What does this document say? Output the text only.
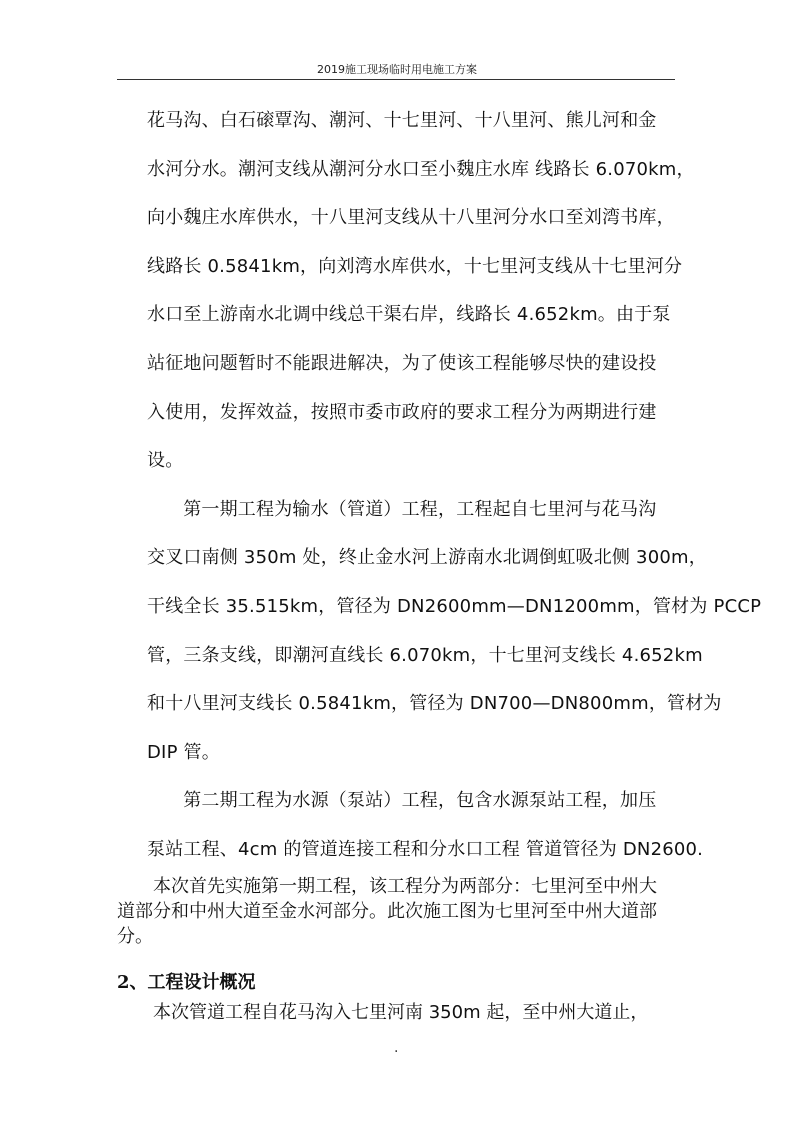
2019施工现场临时用电施工方案
花马沟、白石磙覃沟、潮河、十七里河、十八里河、熊儿河和金
水河分水。潮河支线从潮河分水口至小魏庄水库 线路长 6.070km，
向小魏庄水库供水，十八里河支线从十八里河分水口至刘湾书库，
线路长 0.5841km，向刘湾水库供水，十七里河支线从十七里河分
水口至上游南水北调中线总干渠右岸，线路长 4.652km。由于泵
站征地问题暂时不能跟进解决，为了使该工程能够尽快的建设投
入使用，发挥效益，按照市委市政府的要求工程分为两期进行建
设。
　第一期工程为输水（管道）工程，工程起自七里河与花马沟
交叉口南侧 350m 处，终止金水河上游南水北调倒虹吸北侧 300m，
干线全长 35.515km，管径为 DN2600mm—DN1200mm，管材为 PCCP
管，三条支线，即潮河直线长 6.070km，十七里河支线长 4.652km
和十八里河支线长 0.5841km，管径为 DN700—DN800mm，管材为
DIP 管。
　第二期工程为水源（泵站）工程，包含水源泵站工程，加压
泵站工程、4cm 的管道连接工程和分水口工程 管道管径为 DN2600.
　本次首先实施第一期工程，该工程分为两部分：七里河至中州大
道部分和中州大道至金水河部分。此次施工图为七里河至中州大道部
分。
2、工程设计概况
　本次管道工程自花马沟入七里河南 350m 起，至中州大道止，
.
